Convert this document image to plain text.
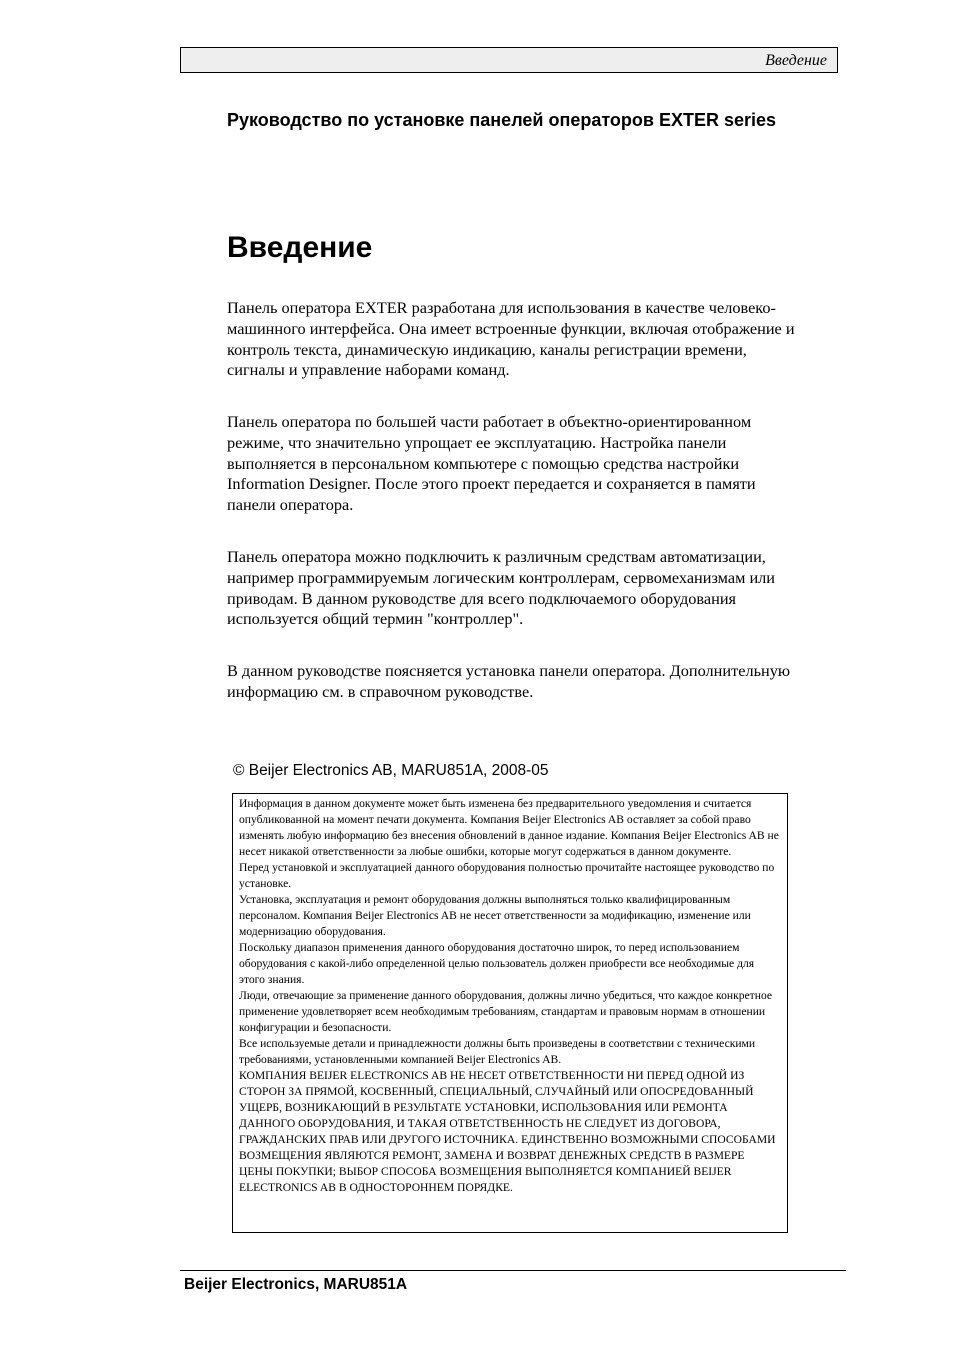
Введение
Руководство по установке панелей операторов EXTER series
Введение

Панель оператора EXTER разработана для использования в качестве человеко-машинного интерфейса. Она имеет встроенные функции, включая отображение и контроль текста, динамическую индикацию, каналы регистрации времени, сигналы и управление наборами команд.

Панель оператора по большей части работает в объектно-ориентированном режиме, что значительно упрощает ее эксплуатацию. Настройка панели выполняется в персональном компьютере с помощью средства настройки Information Designer. После этого проект передается и сохраняется в памяти панели оператора.

Панель оператора можно подключить к различным средствам автоматизации, например программируемым логическим контроллерам, сервомеханизмам или приводам. В данном руководстве для всего подключаемого оборудования используется общий термин "контроллер".

В данном руководстве поясняется установка панели оператора. Дополнительную информацию см. в справочном руководстве.

© Beijer Electronics AB, MARU851A, 2008-05

Информация в данном документе может быть изменена без предварительного уведомления и считается опубликованной на момент печати документа. Компания Beijer Electronics AB оставляет за собой право изменять любую информацию без внесения обновлений в данное издание. Компания Beijer Electronics AB не несет никакой ответственности за любые ошибки, которые могут содержаться в данном документе.

Перед установкой и эксплуатацией данного оборудования полностью прочитайте настоящее руководство по установке.

Установка, эксплуатация и ремонт оборудования должны выполняться только квалифицированным персоналом. Компания Beijer Electronics AB не несет ответственности за модификацию, изменение или модернизацию оборудования.

Поскольку диапазон применения данного оборудования достаточно широк, то перед использованием оборудования с какой-либо определенной целью пользователь должен приобрести все необходимые для этого знания.

Люди, отвечающие за применение данного оборудования, должны лично убедиться, что каждое конкретное применение удовлетворяет всем необходимым требованиям, стандартам и правовым нормам в отношении конфигурации и безопасности.

Все используемые детали и принадлежности должны быть произведены в соответствии с техническими требованиями, установленными компанией Beijer Electronics AB.

КОМПАНИЯ BEIJER ELECTRONICS AB НЕ НЕСЕТ ОТВЕТСТВЕННОСТИ НИ ПЕРЕД ОДНОЙ ИЗ СТОРОН ЗА ПРЯМОЙ, КОСВЕННЫЙ, СПЕЦИАЛЬНЫЙ, СЛУЧАЙНЫЙ ИЛИ ОПОСРЕДОВАННЫЙ УЩЕРБ, ВОЗНИКАЮЩИЙ В РЕЗУЛЬТАТЕ УСТАНОВКИ, ИСПОЛЬЗОВАНИЯ ИЛИ РЕМОНТА ДАННОГО ОБОРУДОВАНИЯ, И ТАКАЯ ОТВЕТСТВЕННОСТЬ НЕ СЛЕДУЕТ ИЗ ДОГОВОРА, ГРАЖДАНСКИХ ПРАВ ИЛИ ДРУГОГО ИСТОЧНИКА. ЕДИНСТВЕННО ВОЗМОЖНЫМИ СПОСОБАМИ ВОЗМЕЩЕНИЯ ЯВЛЯЮТСЯ РЕМОНТ, ЗАМЕНА И ВОЗВРАТ ДЕНЕЖНЫХ СРЕДСТВ В РАЗМЕРЕ ЦЕНЫ ПОКУПКИ; ВЫБОР СПОСОБА ВОЗМЕЩЕНИЯ ВЫПОЛНЯЕТСЯ КОМПАНИЕЙ BEIJER ELECTRONICS AB В ОДНОСТОРОННЕМ ПОРЯДКЕ.

Beijer Electronics, MARU851A
